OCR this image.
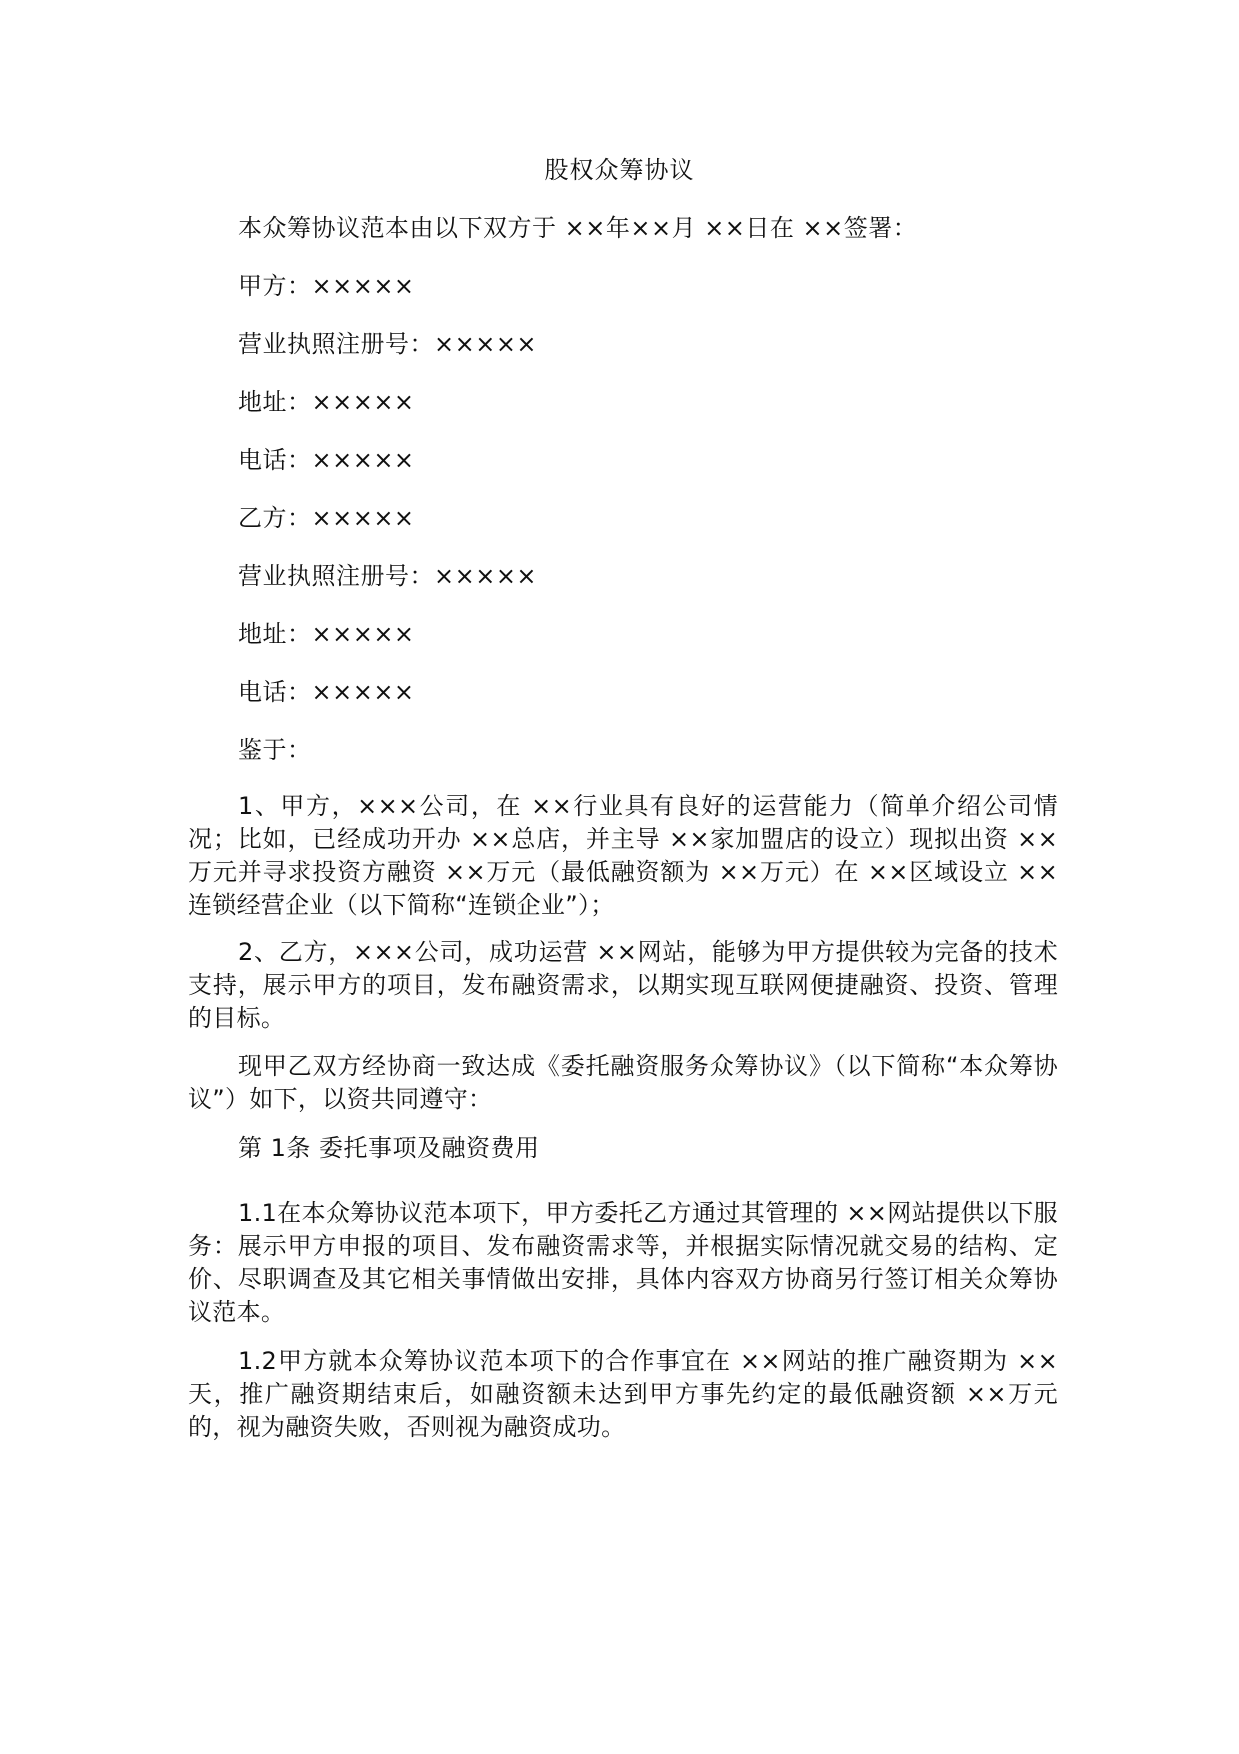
股权众筹协议
本众筹协议范本由以下双方于 ××年××月 ××日在 ××签署：
甲方：×××××
营业执照注册号：×××××
地址：×××××
电话：×××××
乙方：×××××
营业执照注册号：×××××
地址：×××××
电话：×××××
鉴于：

1、甲方，×××公司，在 ××行业具有良好的运营能力（简单介绍公司情况；比如，已经成功开办 ××总店，并主导 ××家加盟店的设立）现拟出资 ××万元并寻求投资方融资 ××万元（最低融资额为 ××万元）在 ××区域设立 ××连锁经营企业（以下简称“连锁企业”）；

2、乙方，×××公司，成功运营 ××网站，能够为甲方提供较为完备的技术支持，展示甲方的项目，发布融资需求，以期实现互联网便捷融资、投资、管理的目标。

现甲乙双方经协商一致达成《委托融资服务众筹协议》（以下简称“本众筹协议”）如下，以资共同遵守：

第 1条 委托事项及融资费用

1.1在本众筹协议范本项下，甲方委托乙方通过其管理的 ××网站提供以下服务：展示甲方申报的项目、发布融资需求等，并根据实际情况就交易的结构、定价、尽职调查及其它相关事情做出安排，具体内容双方协商另行签订相关众筹协议范本。

1.2甲方就本众筹协议范本项下的合作事宜在 ××网站的推广融资期为 ××天，推广融资期结束后，如融资额未达到甲方事先约定的最低融资额 ××万元的，视为融资失败，否则视为融资成功。
